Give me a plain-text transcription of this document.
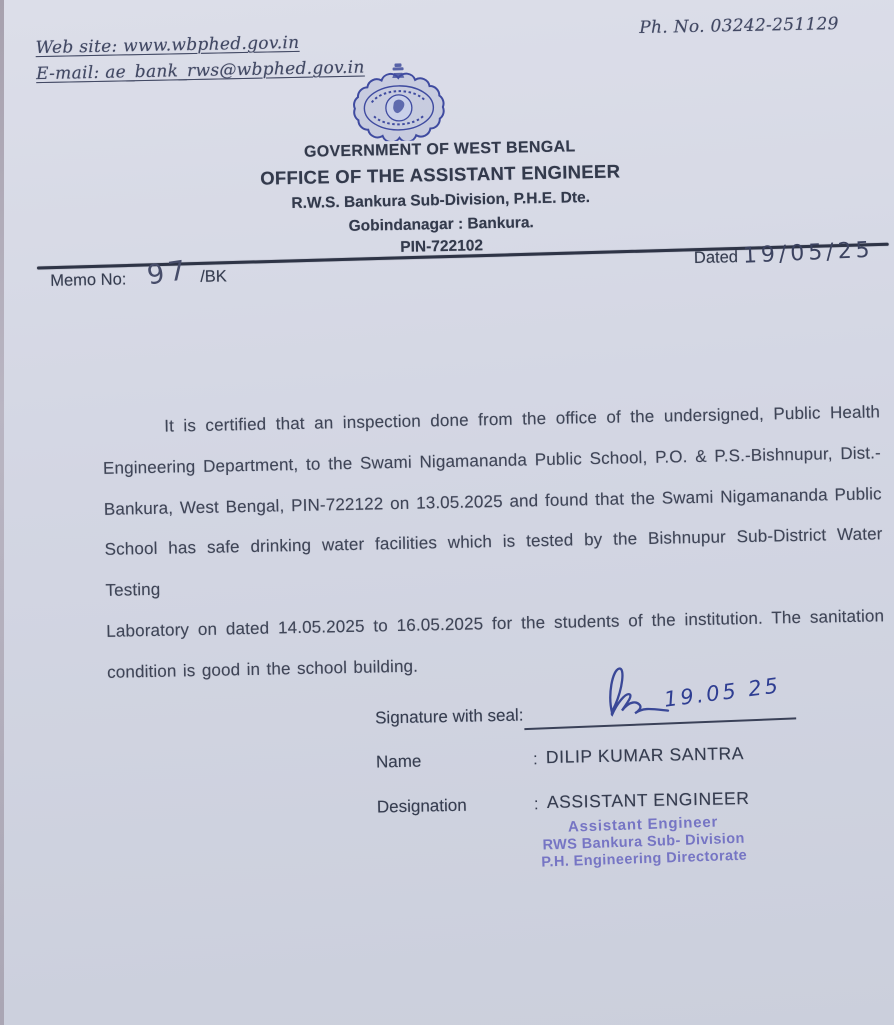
Web site: www.wbphed.gov.in
E-mail: ae_bank_rws@wbphed.gov.in
Ph. No. 03242-251129
GOVERNMENT OF WEST BENGAL
OFFICE OF THE ASSISTANT ENGINEER
R.W.S. Bankura Sub-Division, P.H.E. Dte.
Gobindanagar : Bankura.
PIN-722102
Memo No: 97 /BK
Dated 19/05/25
It is certified that an inspection done from the office of the undersigned, Public Health
Engineering Department, to the Swami Nigamananda Public School, P.O. & P.S.-Bishnupur, Dist.-
Bankura, West Bengal, PIN-722122 on 13.05.2025 and found that the Swami Nigamananda Public
School has safe drinking water facilities which is tested by the Bishnupur Sub-District Water Testing
Laboratory on dated 14.05.2025 to 16.05.2025 for the students of the institution. The sanitation
condition is good in the school building.
Signature with seal:
19.05 25
Name	: DILIP KUMAR SANTRA
Designation	: ASSISTANT ENGINEER
Assistant Engineer
RWS Bankura Sub- Division
P.H. Engineering Directorate
